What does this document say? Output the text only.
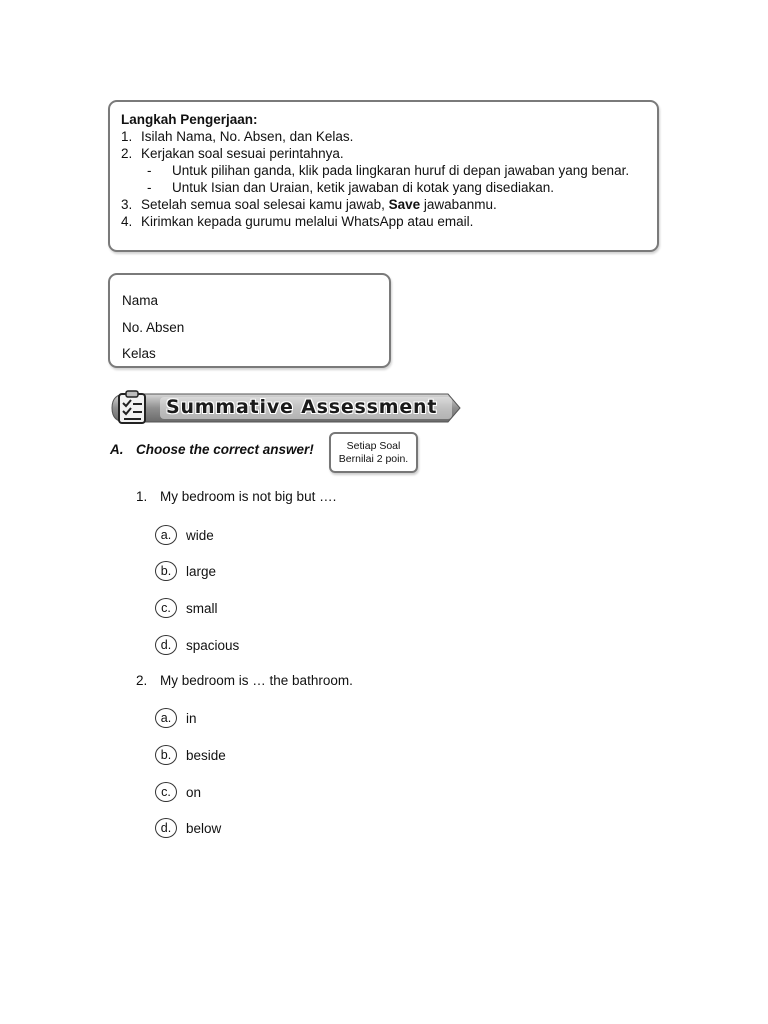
Langkah Pengerjaan:
1. Isilah Nama, No. Absen, dan Kelas.
2. Kerjakan soal sesuai perintahnya.
- Untuk pilihan ganda, klik pada lingkaran huruf di depan jawaban yang benar.
- Untuk Isian dan Uraian, ketik jawaban di kotak yang disediakan.
3. Setelah semua soal selesai kamu jawab, Save jawabanmu.
4. Kirimkan kepada gurumu melalui WhatsApp atau email.
Nama
No. Absen
Kelas
Summative Assessment
A. Choose the correct answer!	Setiap Soal
Bernilai 2 poin.
1. My bedroom is not big but ….
a.	wide
b.	large
c.	small
d.	spacious
2. My bedroom is … the bathroom.
a.	in
b.	beside
c.	on
d.	below
